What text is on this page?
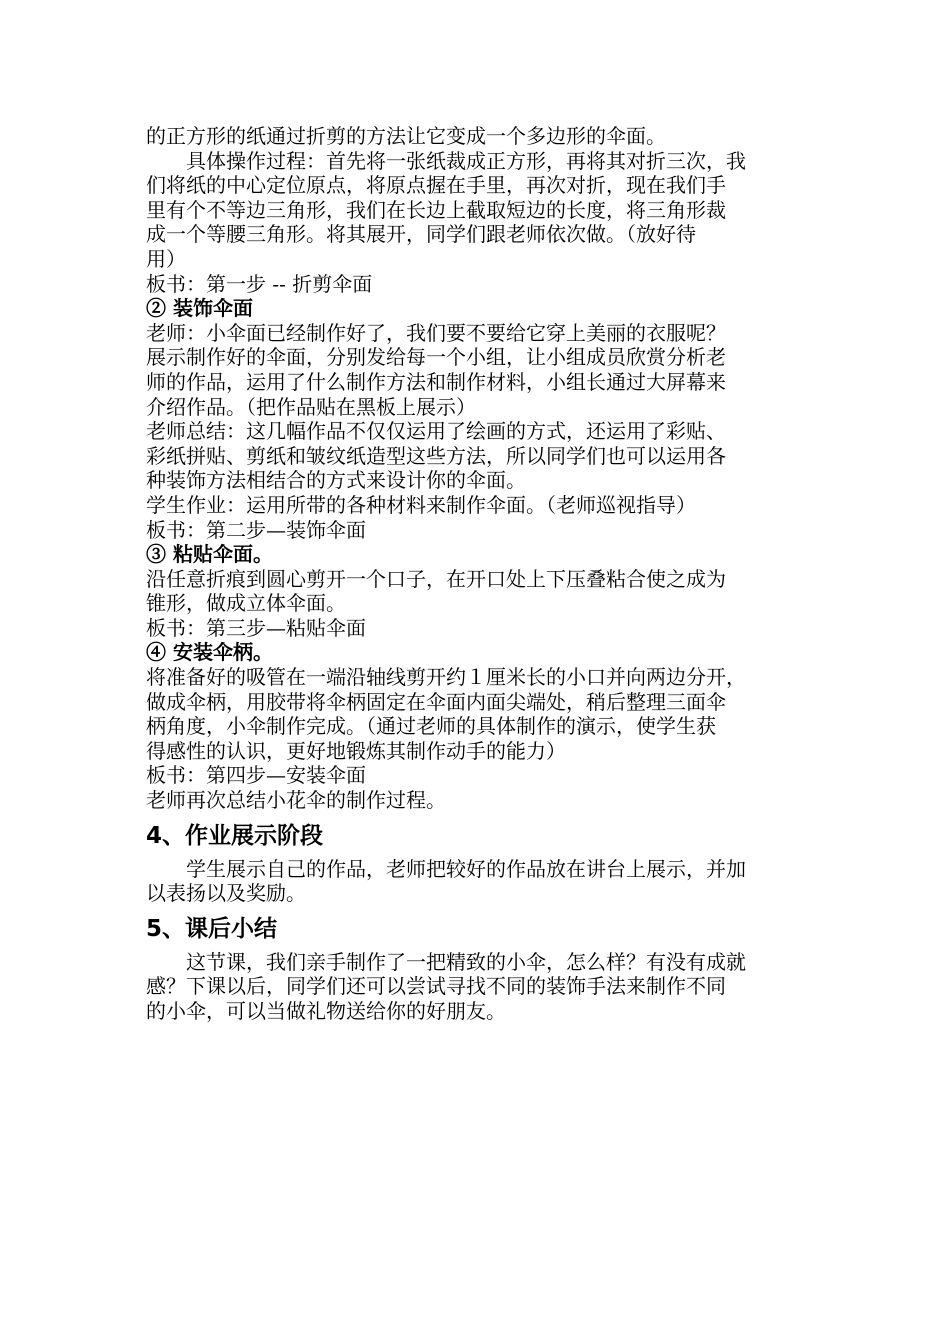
的正方形的纸通过折剪的方法让它变成一个多边形的伞面。
具体操作过程：首先将一张纸裁成正方形，再将其对折三次，我
们将纸的中心定位原点，将原点握在手里，再次对折，现在我们手
里有个不等边三角形，我们在长边上截取短边的长度，将三角形裁
成一个等腰三角形。将其展开，同学们跟老师依次做。（放好待
用）
板书：第一步 -- 折剪伞面
② 装饰伞面
老师：小伞面已经制作好了，我们要不要给它穿上美丽的衣服呢？
展示制作好的伞面，分别发给每一个小组，让小组成员欣赏分析老
师的作品，运用了什么制作方法和制作材料，小组长通过大屏幕来
介绍作品。（把作品贴在黑板上展示）
老师总结：这几幅作品不仅仅运用了绘画的方式，还运用了彩贴、
彩纸拼贴、剪纸和皱纹纸造型这些方法，所以同学们也可以运用各
种装饰方法相结合的方式来设计你的伞面。
学生作业：运用所带的各种材料来制作伞面。（老师巡视指导）
板书：第二步—装饰伞面
③ 粘贴伞面。
沿任意折痕到圆心剪开一个口子，在开口处上下压叠粘合使之成为
锥形，做成立体伞面。
板书：第三步—粘贴伞面
④ 安装伞柄。
将准备好的吸管在一端沿轴线剪开约１厘米长的小口并向两边分开，
做成伞柄，用胶带将伞柄固定在伞面内面尖端处，稍后整理三面伞
柄角度，小伞制作完成。（通过老师的具体制作的演示，使学生获
得感性的认识，更好地锻炼其制作动手的能力）
板书：第四步—安装伞面
老师再次总结小花伞的制作过程。
4、作业展示阶段
学生展示自己的作品，老师把较好的作品放在讲台上展示，并加
以表扬以及奖励。
5、课后小结
这节课，我们亲手制作了一把精致的小伞，怎么样？有没有成就
感？下课以后，同学们还可以尝试寻找不同的装饰手法来制作不同
的小伞，可以当做礼物送给你的好朋友。
